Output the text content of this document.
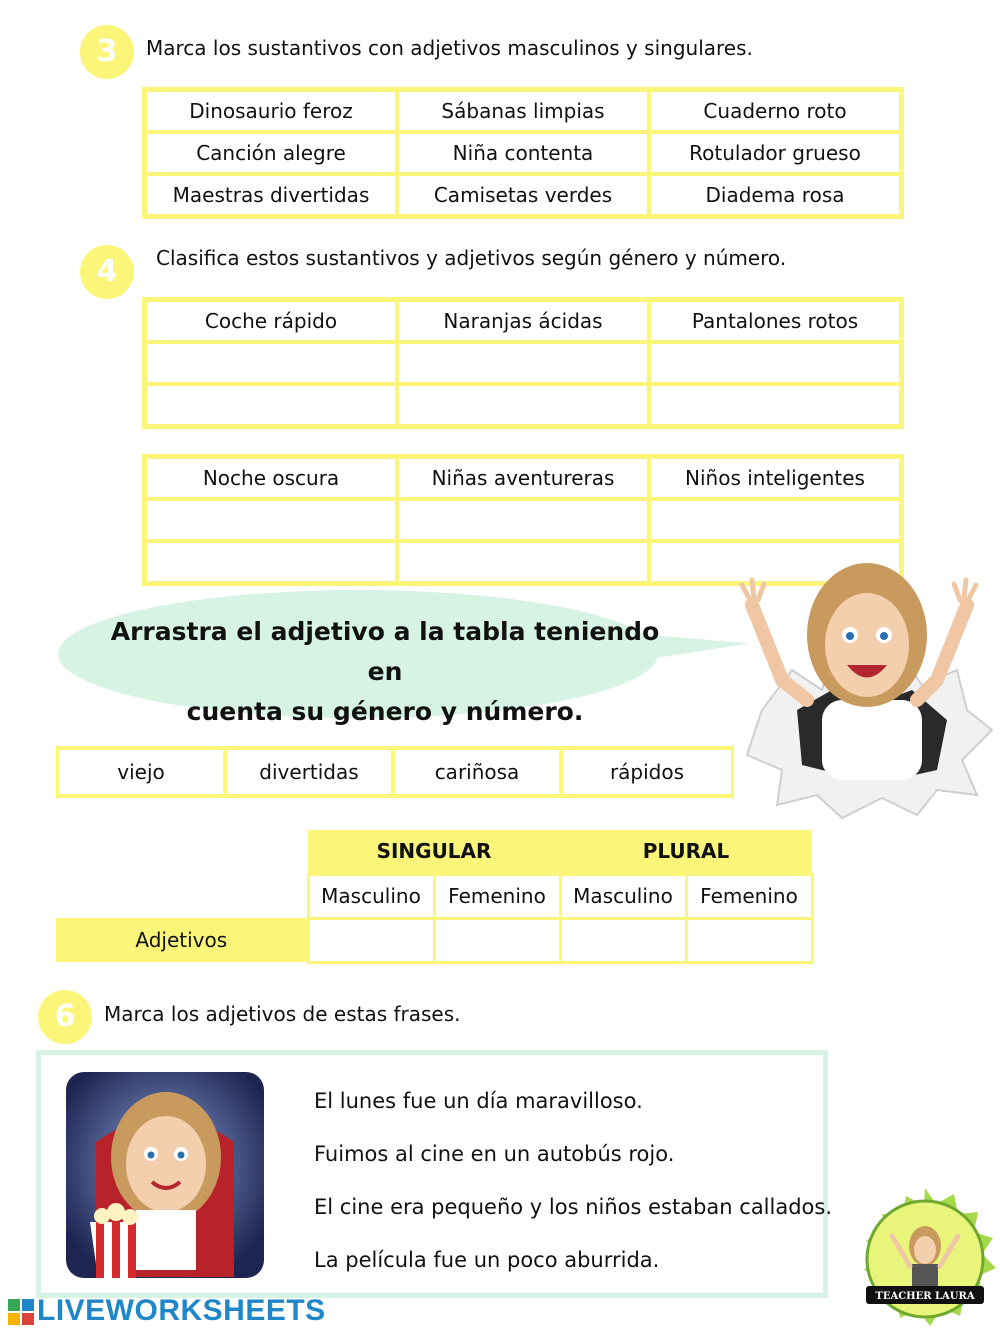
3	Marca los sustantivos con adjetivos masculinos y singulares.
Dinosaurio feroz	Sábanas limpias	Cuaderno roto
Canción alegre	Niña contenta	Rotulador grueso
Maestras divertidas	Camisetas verdes	Diadema rosa
4	Clasifica estos sustantivos y adjetivos según género y número.
Coche rápido	Naranjas ácidas	Pantalones rotos

Noche oscura	Niñas aventureras	Niños inteligentes

Arrastra el adjetivo a la tabla teniendo en
cuenta su género y número.
viejo	divertidas	cariñosa	rápidos
	SINGULAR		PLURAL	
	Masculino	Femenino	Masculino	Femenino
Adjetivos				
6	Marca los adjetivos de estas frases.
El lunes fue un día maravilloso.
Fuimos al cine en un autobús rojo.
El cine era pequeño y los niños estaban callados.
La película fue un poco aburrida.
TEACHER LAURA
LIVEWORKSHEETS
